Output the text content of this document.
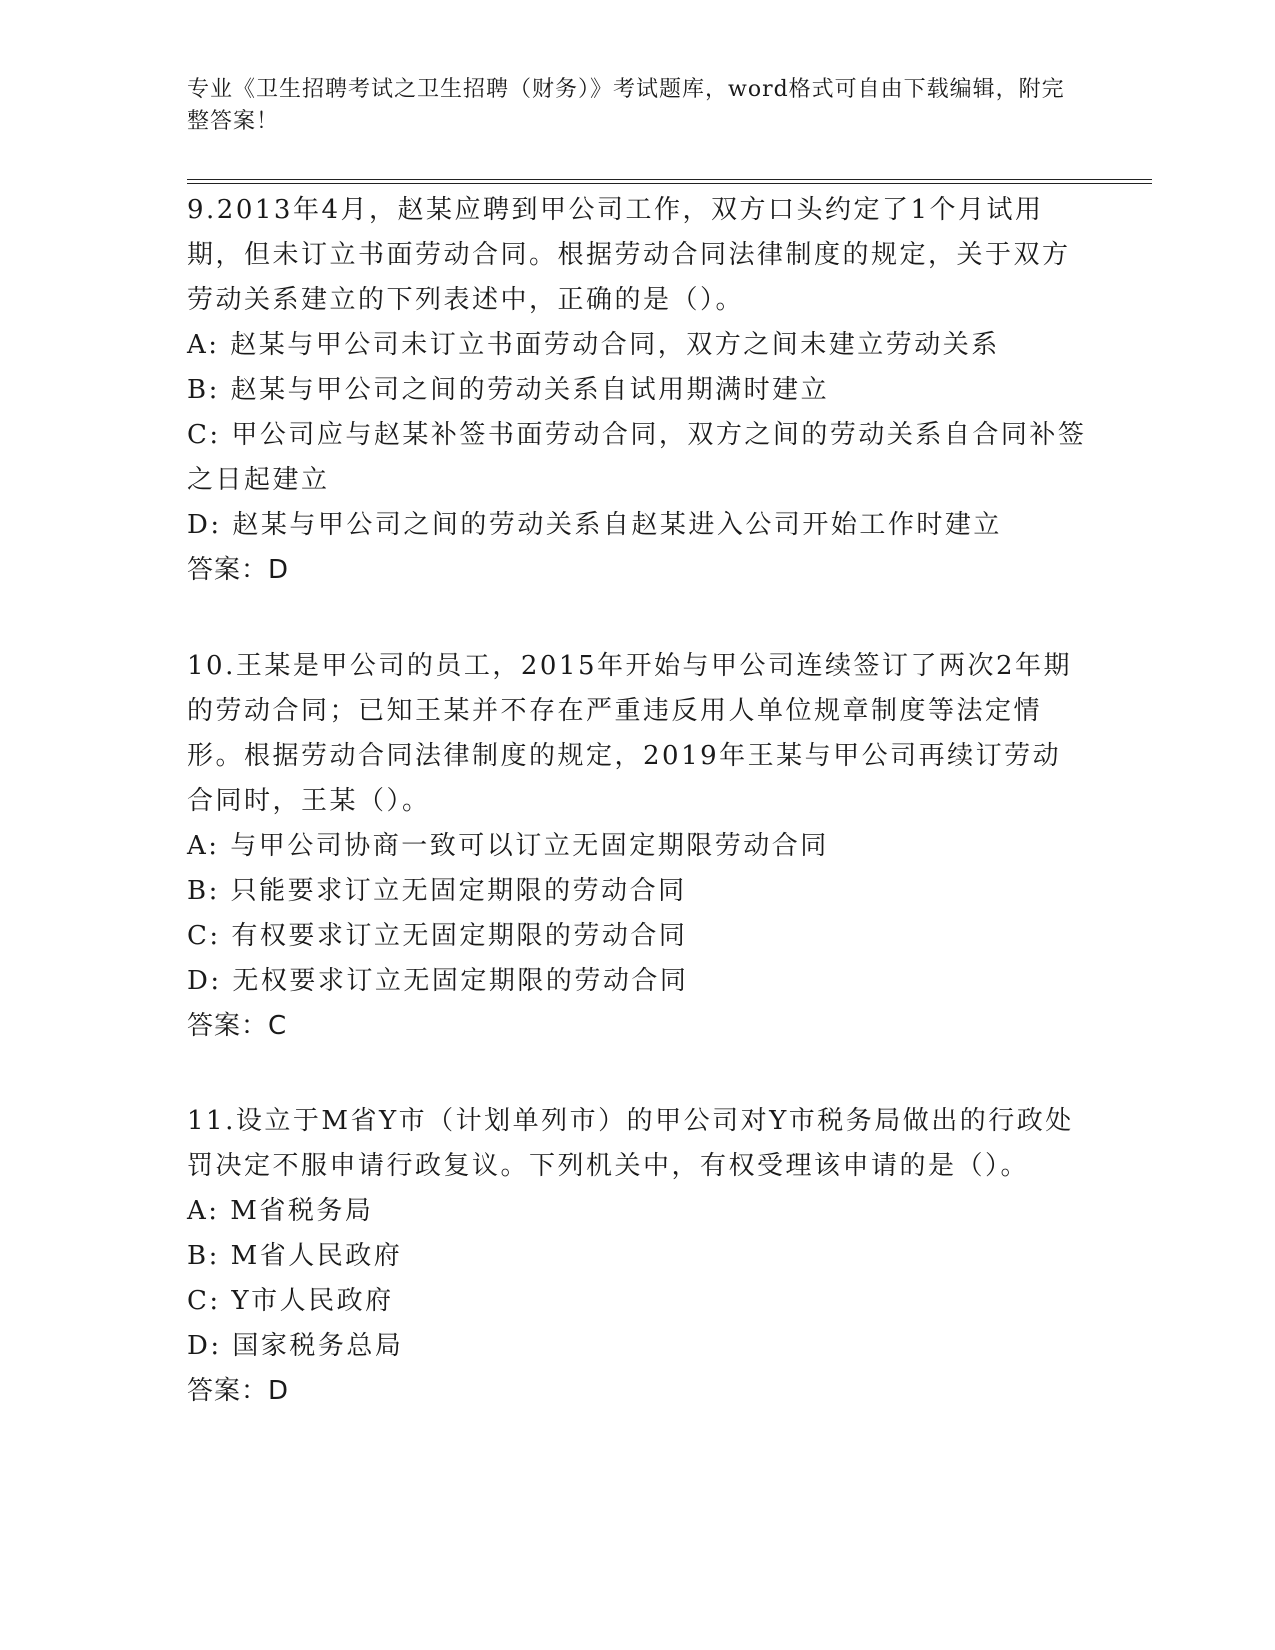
专业《卫生招聘考试之卫生招聘（财务）》考试题库，word格式可自由下载编辑，附完整答案！

9.2013年4月，赵某应聘到甲公司工作，双方口头约定了1个月试用期，但未订立书面劳动合同。根据劳动合同法律制度的规定，关于双方劳动关系建立的下列表述中，正确的是（）。

A: 赵某与甲公司未订立书面劳动合同，双方之间未建立劳动关系

B: 赵某与甲公司之间的劳动关系自试用期满时建立

C: 甲公司应与赵某补签书面劳动合同，双方之间的劳动关系自合同补签之日起建立

D: 赵某与甲公司之间的劳动关系自赵某进入公司开始工作时建立

答案：D

10.王某是甲公司的员工，2015年开始与甲公司连续签订了两次2年期的劳动合同；已知王某并不存在严重违反用人单位规章制度等法定情形。根据劳动合同法律制度的规定，2019年王某与甲公司再续订劳动合同时，王某（）。

A: 与甲公司协商一致可以订立无固定期限劳动合同

B: 只能要求订立无固定期限的劳动合同

C: 有权要求订立无固定期限的劳动合同

D: 无权要求订立无固定期限的劳动合同

答案：C

11.设立于M省Y市（计划单列市）的甲公司对Y市税务局做出的行政处罚决定不服申请行政复议。下列机关中，有权受理该申请的是（）。

A: M省税务局

B: M省人民政府

C: Y市人民政府

D: 国家税务总局

答案：D
